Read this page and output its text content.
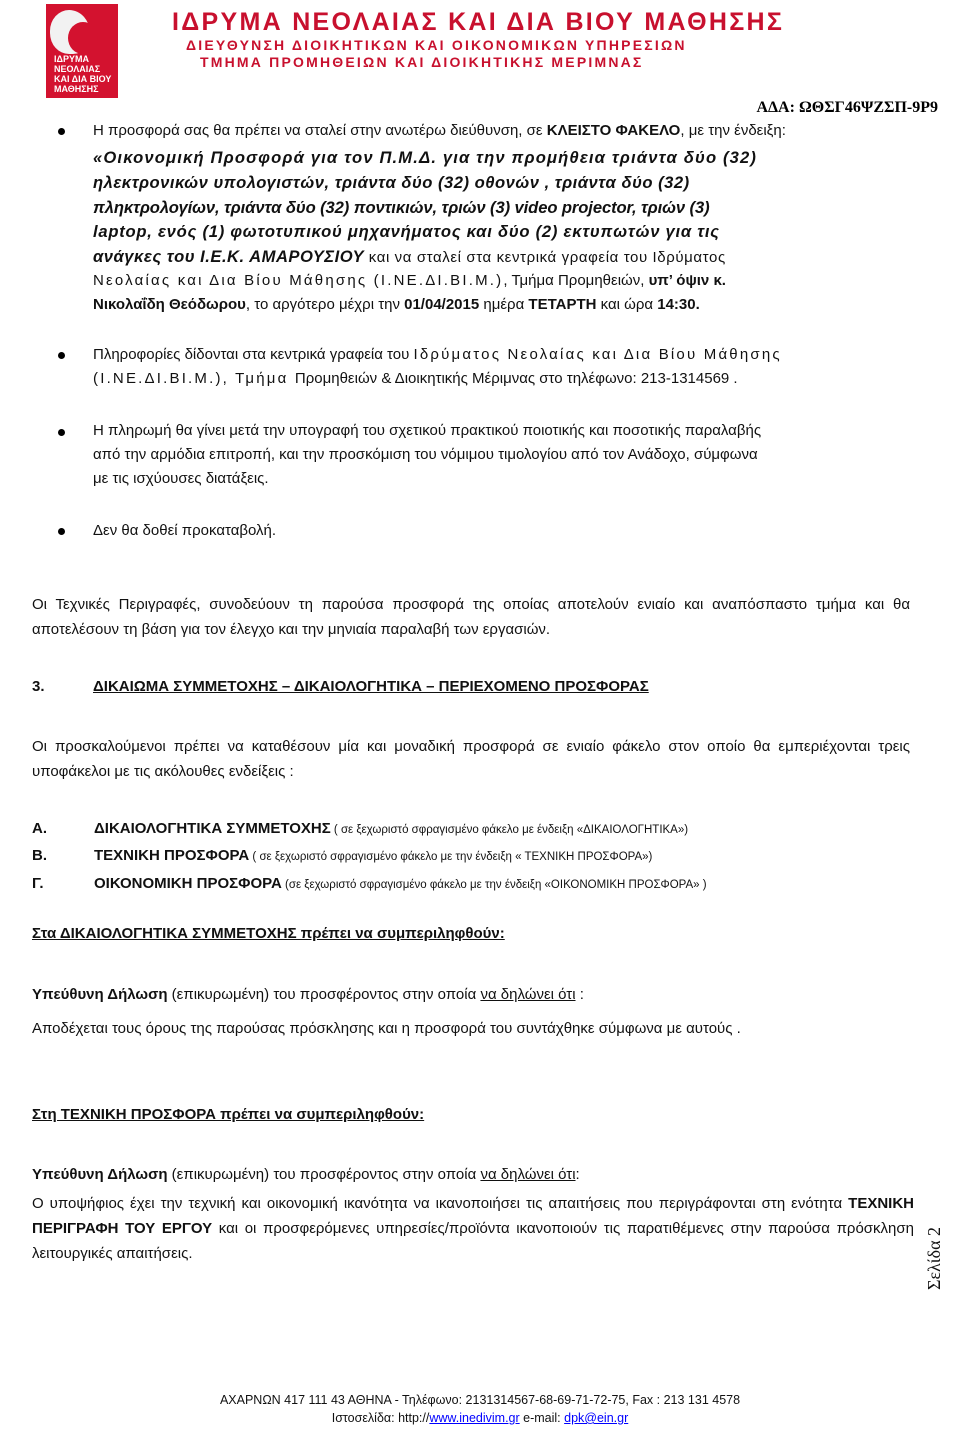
ΙΔΡΥΜΑ
ΝΕΟΛΑΙΑΣ
ΚΑΙ ΔΙΑ ΒΙΟΥ
ΜΑΘΗΣΗΣ
ΙΔΡΥΜΑ ΝΕΟΛΑΙΑΣ ΚΑΙ ΔΙΑ ΒΙΟΥ ΜΑΘΗΣΗΣ
ΔΙΕΥΘΥΝΣΗ ΔΙΟΙΚΗΤΙΚΩΝ ΚΑΙ ΟΙΚΟΝΟΜΙΚΩΝ ΥΠΗΡΕΣΙΩΝ
ΤΜΗΜΑ ΠΡΟΜΗΘΕΙΩΝ ΚΑΙ ΔΙΟΙΚΗΤΙΚΗΣ ΜΕΡΙΜΝΑΣ
ΑΔΑ: ΩΘΣΓ46ΨΖΣΠ-9Ρ9
Η προσφορά σας θα πρέπει να σταλεί στην ανωτέρω διεύθυνση, σε ΚΛΕΙΣΤΟ ΦΑΚΕΛΟ, με την ένδειξη:
«Οικονομική Προσφορά για τον Π.Μ.Δ. για την προμήθεια τριάντα δύο (32)
ηλεκτρονικών υπολογιστών, τριάντα δύο (32) οθονών , τριάντα δύο (32)
πληκτρολογίων, τριάντα δύο (32) ποντικιών, τριών (3) video projector, τριών (3)
laptop, ενός (1) φωτοτυπικού μηχανήματος και δύο (2) εκτυπωτών για τις
ανάγκες του Ι.Ε.Κ. ΑΜΑΡΟΥΣΙΟΥ και να σταλεί στα κεντρικά γραφεία του Ιδρύματος
Νεολαίας και Δια Βίου Μάθησης (Ι.ΝΕ.ΔΙ.ΒΙ.Μ.), Τμήμα Προμηθειών, υπ’ όψιν κ.
Νικολαΐδη Θεόδωρου, το αργότερο μέχρι την 01/04/2015 ημέρα ΤΕΤΑΡΤΗ και ώρα 14:30.
Πληροφορίες δίδονται στα κεντρικά γραφεία του Ιδρύματος Νεολαίας και Δια Βίου Μάθησης
(Ι.ΝΕ.ΔΙ.ΒΙ.Μ.), Τμήμα Προμηθειών & Διοικητικής Μέριμνας στο τηλέφωνο: 213-1314569 .
Η πληρωμή θα γίνει μετά την υπογραφή του σχετικού πρακτικού ποιοτικής και ποσοτικής παραλαβής
από την αρμόδια επιτροπή, και την προσκόμιση του νόμιμου τιμολογίου από τον Ανάδοχο, σύμφωνα
με τις ισχύουσες διατάξεις.
Δεν θα δοθεί προκαταβολή.
Οι Τεχνικές Περιγραφές, συνοδεύουν τη παρούσα προσφορά της οποίας αποτελούν ενιαίο και αναπόσπαστο τμήμα και θα αποτελέσουν τη βάση για τον έλεγχο και την μηνιαία παραλαβή των εργασιών.
3.	ΔΙΚΑΙΩΜΑ ΣΥΜΜΕΤΟΧΗΣ – ΔΙΚΑΙΟΛΟΓΗΤΙΚΑ – ΠΕΡΙΕΧΟΜΕΝΟ ΠΡΟΣΦΟΡΑΣ
Οι προσκαλούμενοι πρέπει να καταθέσουν μία και μοναδική προσφορά σε ενιαίο φάκελο στον οποίο θα εμπεριέχονται τρεις υποφάκελοι με τις ακόλουθες ενδείξεις :
Α.	ΔΙΚΑΙΟΛΟΓΗΤΙΚΑ ΣΥΜΜΕΤΟΧΗΣ ( σε ξεχωριστό σφραγισμένο φάκελο με ένδειξη «ΔΙΚΑΙΟΛΟΓΗΤΙΚΑ»)
Β.	ΤΕΧΝΙΚΗ ΠΡΟΣΦΟΡΑ ( σε ξεχωριστό σφραγισμένο φάκελο με την ένδειξη « ΤΕΧΝΙΚΗ ΠΡΟΣΦΟΡΑ»)
Γ.	ΟΙΚΟΝΟΜΙΚΗ ΠΡΟΣΦΟΡΑ (σε ξεχωριστό σφραγισμένο φάκελο με την ένδειξη «ΟΙΚΟΝΟΜΙΚΗ ΠΡΟΣΦΟΡΑ» )
Στα ΔΙΚΑΙΟΛΟΓΗΤΙΚΑ ΣΥΜΜΕΤΟΧΗΣ πρέπει να συμπεριληφθούν:
Υπεύθυνη Δήλωση (επικυρωμένη) του προσφέροντος στην οποία να δηλώνει ότι :
Αποδέχεται τους όρους της παρούσας πρόσκλησης και η προσφορά του συντάχθηκε σύμφωνα με αυτούς .
Στη ΤΕΧΝΙΚΗ ΠΡΟΣΦΟΡΑ πρέπει να συμπεριληφθούν:
Υπεύθυνη Δήλωση (επικυρωμένη) του προσφέροντος στην οποία να δηλώνει ότι:
Ο υποψήφιος έχει την τεχνική και οικονομική ικανότητα να ικανοποιήσει τις απαιτήσεις που περιγράφονται στη ενότητα ΤΕΧΝΙΚΗ ΠΕΡΙΓΡΑΦΗ ΤΟΥ ΕΡΓΟΥ και οι προσφερόμενες υπηρεσίες/προϊόντα ικανοποιούν τις παρατιθέμενες στην παρούσα πρόσκληση λειτουργικές απαιτήσεις.	Σελίδα 2
ΑΧΑΡΝΩΝ 417 111 43 ΑΘΗΝΑ - Τηλέφωνο: 2131314567-68-69-71-72-75, Fax : 213 131 4578
Ιστοσελίδα: http://www.inedivim.gr e-mail: dpk@ein.gr
